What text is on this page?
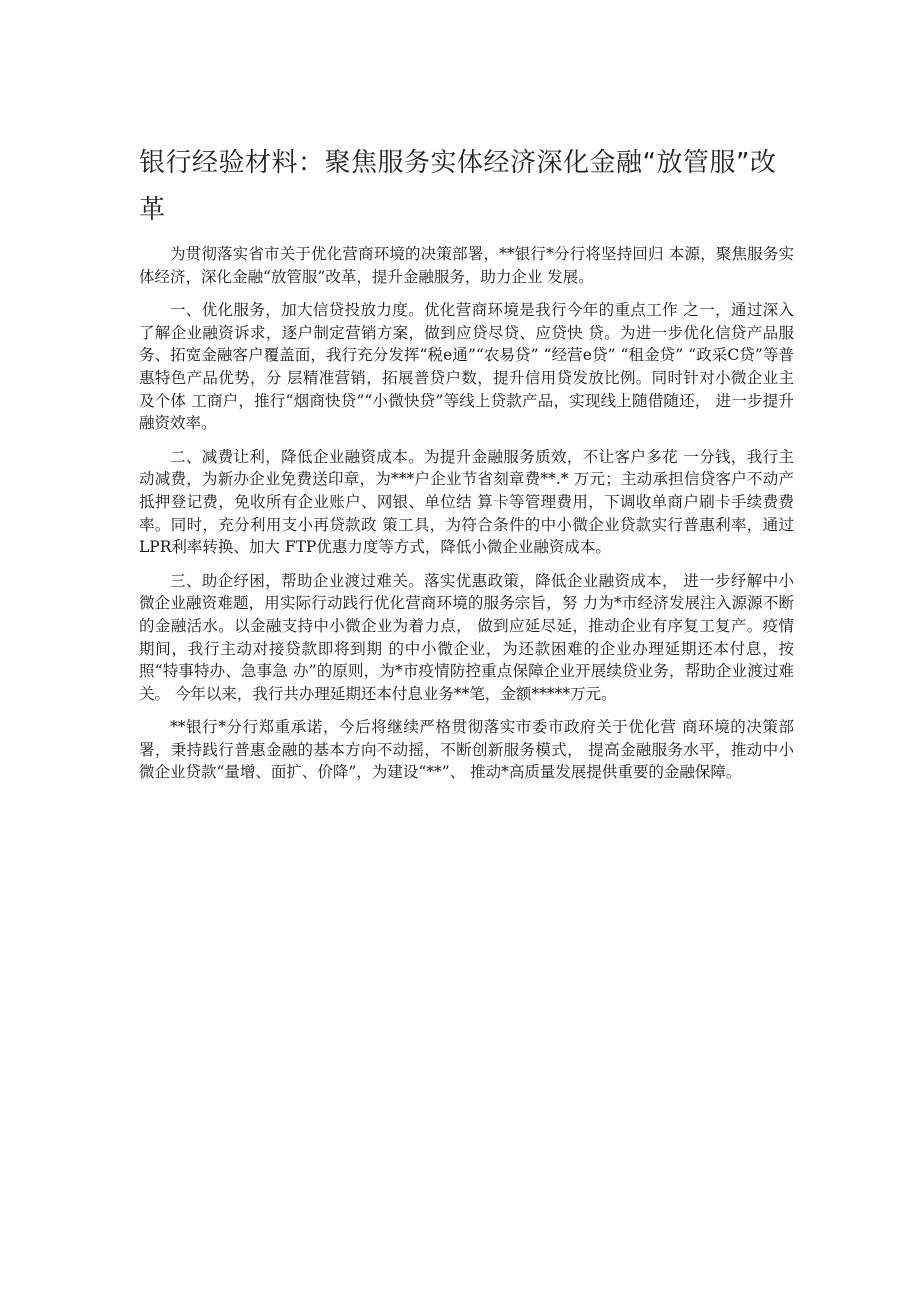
银行经验材料：聚焦服务实体经济深化金融“放管服”改革

为贯彻落实省市关于优化营商环境的决策部署，**银行*分行将坚持回归 本源，聚焦服务实体经济，深化金融“放管服”改革，提升金融服务，助力企业 发展。

一、优化服务，加大信贷投放力度。优化营商环境是我行今年的重点工作 之一，通过深入了解企业融资诉求，逐户制定营销方案，做到应贷尽贷、应贷快 贷。为进一步优化信贷产品服务、拓宽金融客户覆盖面，我行充分发挥“税e通”“农易贷” “经营e贷” “租金贷” “政采C贷”等普惠特色产品优势，分 层精准营销，拓展普贷户数，提升信用贷发放比例。同时针对小微企业主及个体 工商户，推行“烟商快贷”“小微快贷”等线上贷款产品，实现线上随借随还， 进一步提升融资效率。

二、减费让利，降低企业融资成本。为提升金融服务质效，不让客户多花 一分钱，我行主动减费，为新办企业免费送印章，为***户企业节省刻章费**.* 万元；主动承担信贷客户不动产抵押登记费，免收所有企业账户、网银、单位结 算卡等管理费用，下调收单商户刷卡手续费费率。同时，充分利用支小再贷款政 策工具，为符合条件的中小微企业贷款实行普惠利率，通过LPR利率转换、加大 FTP优惠力度等方式，降低小微企业融资成本。

三、助企纾困，帮助企业渡过难关。落实优惠政策，降低企业融资成本， 进一步纾解中小微企业融资难题，用实际行动践行优化营商环境的服务宗旨，努 力为*市经济发展注入源源不断的金融活水。以金融支持中小微企业为着力点， 做到应延尽延，推动企业有序复工复产。疫情期间，我行主动对接贷款即将到期 的中小微企业，为还款困难的企业办理延期还本付息，按照“特事特办、急事急 办”的原则，为*市疫情防控重点保障企业开展续贷业务，帮助企业渡过难关。 今年以来，我行共办理延期还本付息业务**笔，金额*****万元。

**银行*分行郑重承诺，今后将继续严格贯彻落实市委市政府关于优化营 商环境的决策部署，秉持践行普惠金融的基本方向不动摇，不断创新服务模式， 提高金融服务水平，推动中小微企业贷款“量增、面扩、价降”，为建设“**”、 推动*高质量发展提供重要的金融保障。
